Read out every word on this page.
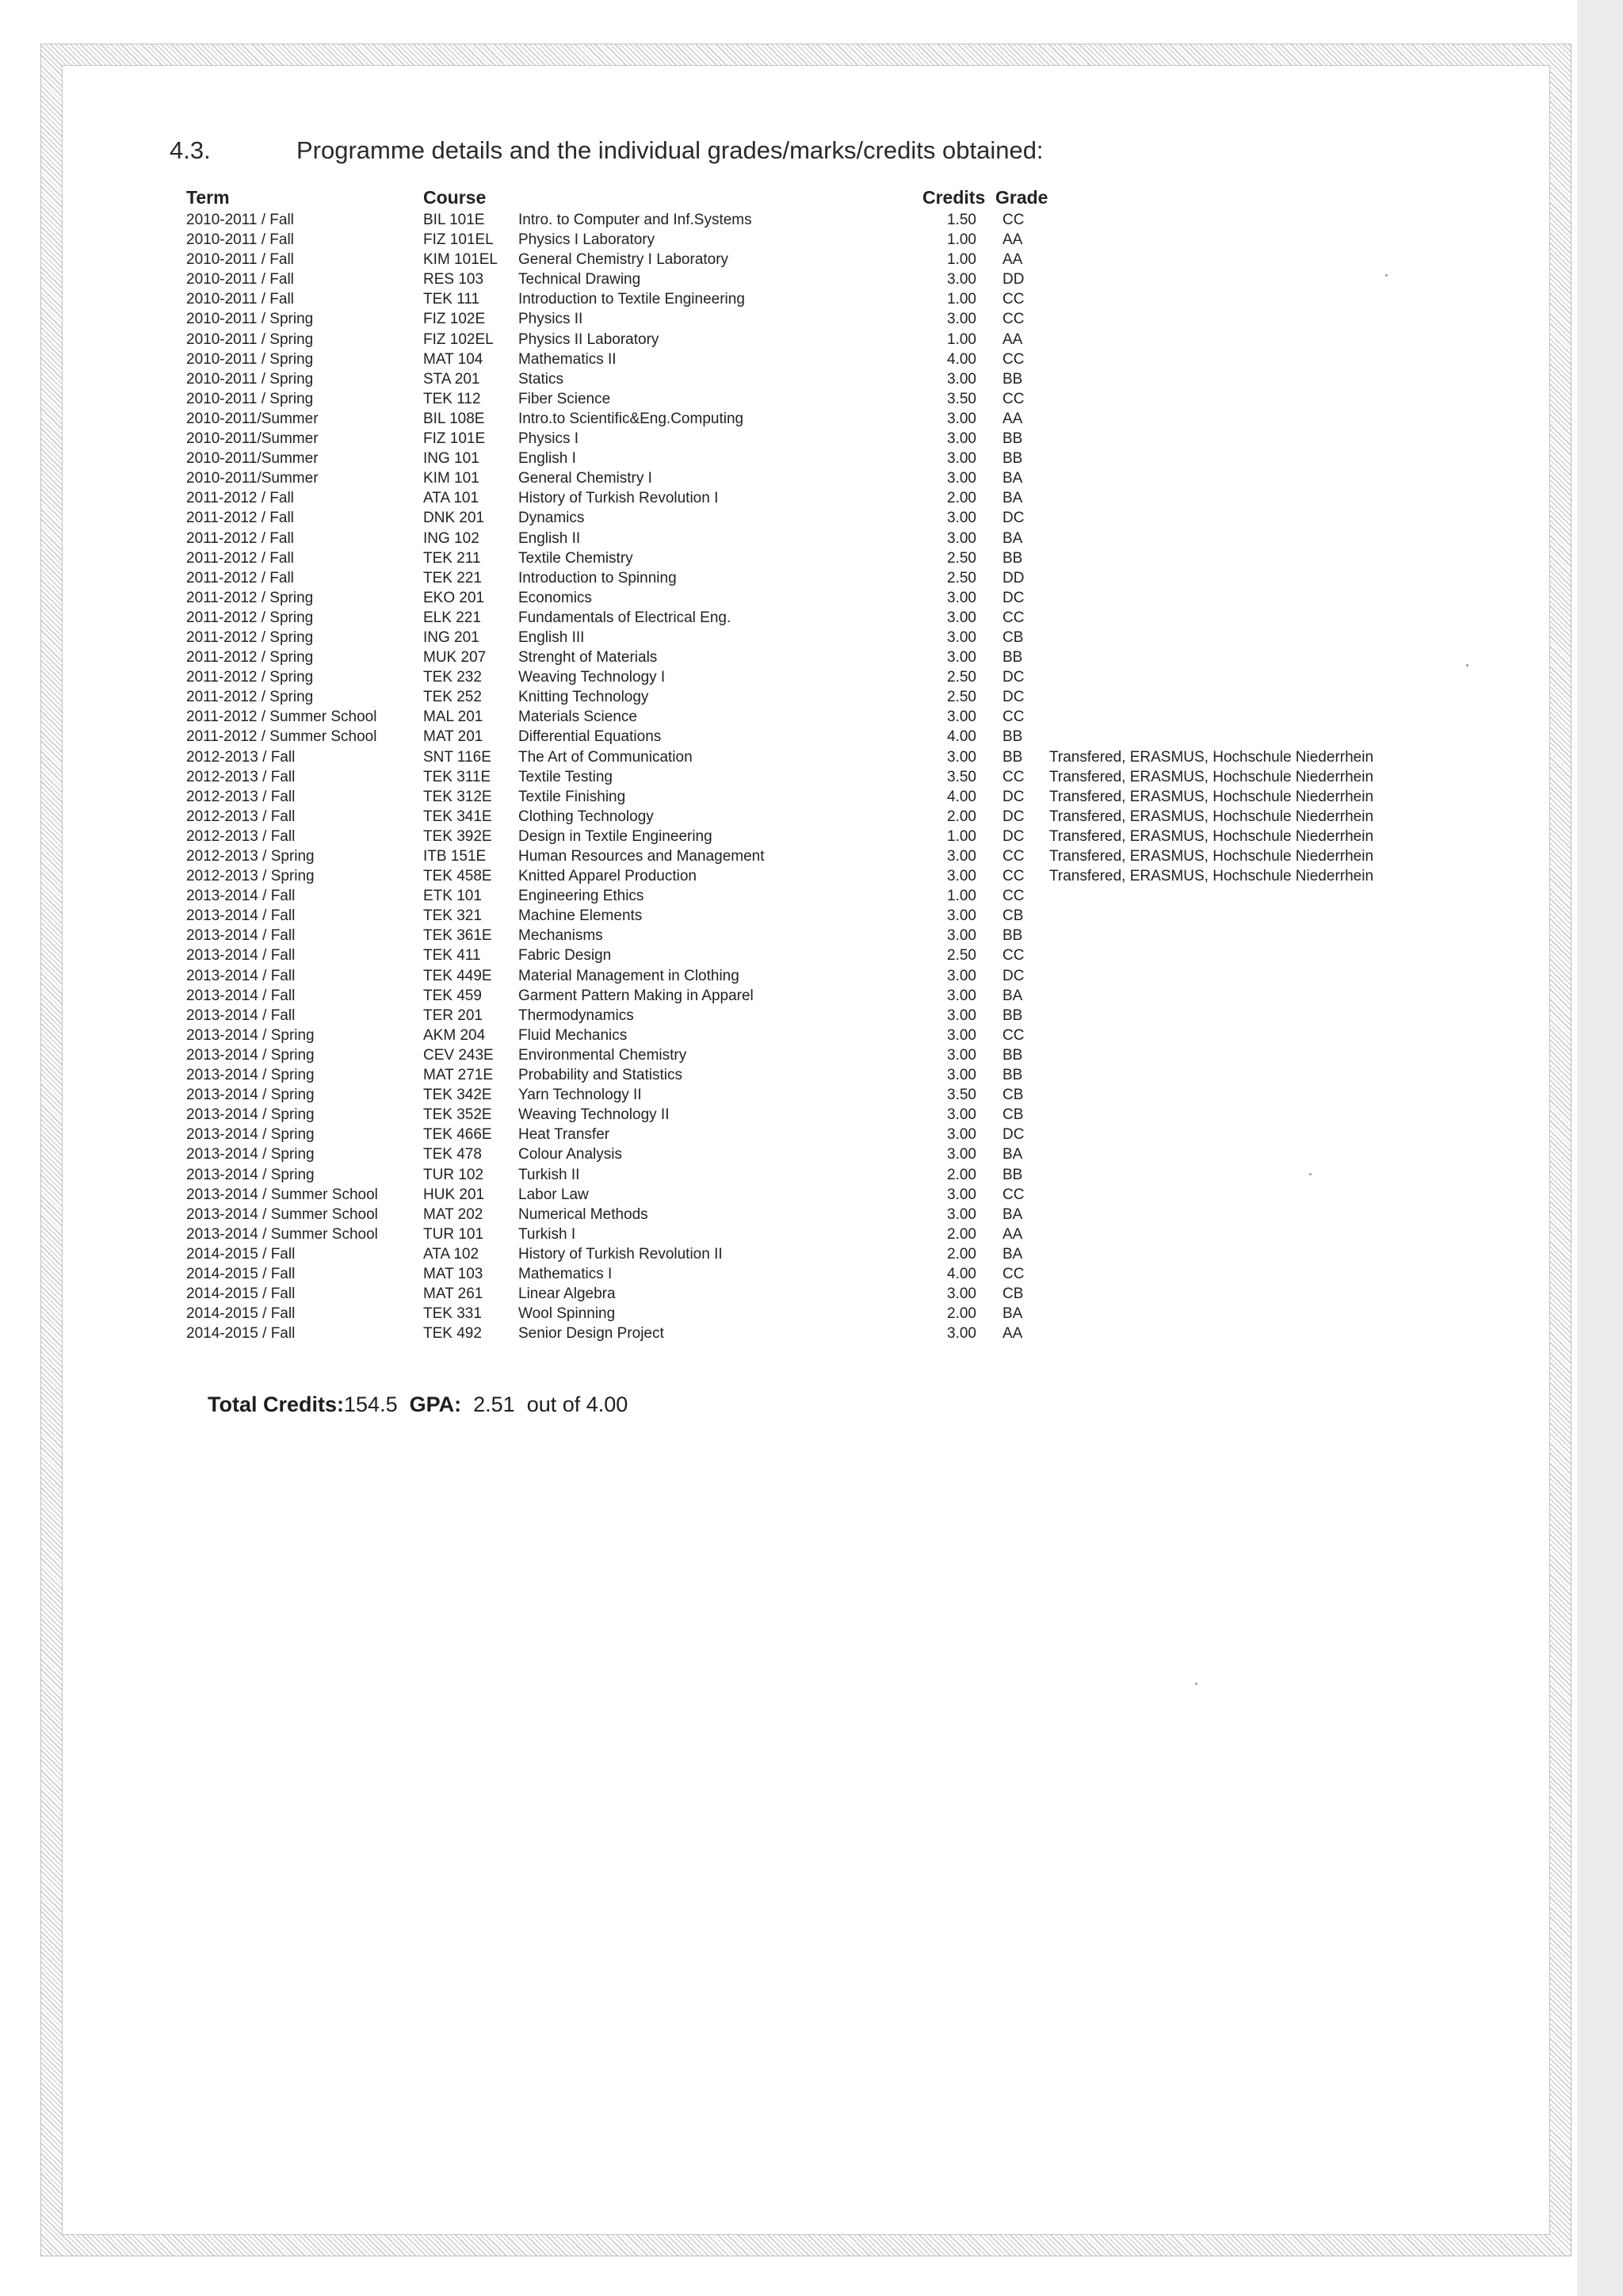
4.3.	Programme details and the individual grades/marks/credits obtained:
Term	Course	Credits Grade
2010-2011 / Fall	BIL 101E Intro. to Computer and Inf.Systems	1.50 CC
2010-2011 / Fall	FIZ 101EL Physics I Laboratory	1.00 AA
2010-2011 / Fall	KIM 101EL General Chemistry I Laboratory	1.00 AA
2010-2011 / Fall	RES 103 Technical Drawing	3.00 DD
2010-2011 / Fall	TEK 111	Introduction to Textile Engineering	1.00 CC
2010-2011 / Spring	FIZ 102E Physics II	3.00 CC
2010-2011 / Spring	FIZ 102EL Physics II Laboratory	1.00 AA
2010-2011 / Spring	MAT 104 Mathematics II	4.00 CC
2010-2011 / Spring	STA 201	Statics	3.00 BB
2010-2011 / Spring	TEK 112 Fiber Science	3.50 CC
2010-2011/Summer	BIL 108E Intro.to Scientific&Eng.Computing	3.00 AA
2010-2011/Summer	FIZ 101E Physics I	3.00 BB
2010-2011/Summer	ING 101	English I	3.00 BB
2010-2011/Summer	KIM 101	General Chemistry I	3.00 BA
2011-2012 / Fall	ATA 101	History of Turkish Revolution I	2.00 BA
2011-2012 / Fall	DNK 201 Dynamics	3.00 DC
2011-2012 / Fall	ING 102	English II	3.00 BA
2011-2012 / Fall	TEK 211 Textile Chemistry	2.50 BB
2011-2012 / Fall	TEK 221 Introduction to Spinning	2.50 DD
2011-2012 / Spring	EKO 201 Economics	3.00 DC
2011-2012 / Spring	ELK 221 Fundamentals of Electrical Eng.	3.00 CC
2011-2012 / Spring	ING 201	English III	3.00 CB
2011-2012 / Spring	MUK 207 Strenght of Materials	3.00 BB
2011-2012 / Spring	TEK 232 Weaving Technology I	2.50 DC
2011-2012 / Spring	TEK 252 Knitting Technology	2.50 DC
2011-2012 / Summer School	MAL 201 Materials Science	3.00 CC
2011-2012 / Summer School	MAT 201 Differential Equations	4.00 BB
2012-2013 / Fall	SNT 116E The Art of Communication	3.00 BB Transfered, ERASMUS, Hochschule Niederrhein
2012-2013 / Fall	TEK 311E Textile Testing	3.50 CC Transfered, ERASMUS, Hochschule Niederrhein
2012-2013 / Fall	TEK 312E Textile Finishing	4.00 DC Transfered, ERASMUS, Hochschule Niederrhein
2012-2013 / Fall	TEK 341E Clothing Technology	2.00 DC Transfered, ERASMUS, Hochschule Niederrhein
2012-2013 / Fall	TEK 392E Design in Textile Engineering	1.00 DC Transfered, ERASMUS, Hochschule Niederrhein
2012-2013 / Spring	ITB 151E Human Resources and Management	3.00 CC Transfered, ERASMUS, Hochschule Niederrhein
2012-2013 / Spring	TEK 458E Knitted Apparel Production	3.00 CC Transfered, ERASMUS, Hochschule Niederrhein
2013-2014 / Fall	ETK 101 Engineering Ethics	1.00 CC
2013-2014 / Fall	TEK 321 Machine Elements	3.00 CB
2013-2014 / Fall	TEK 361E Mechanisms	3.00 BB
2013-2014 / Fall	TEK 411 Fabric Design	2.50 CC
2013-2014 / Fall	TEK 449E Material Management in Clothing	3.00 DC
2013-2014 / Fall	TEK 459 Garment Pattern Making in Apparel	3.00 BA
2013-2014 / Fall	TER 201 Thermodynamics	3.00 BB
2013-2014 / Spring	AKM 204 Fluid Mechanics	3.00 CC
2013-2014 / Spring	CEV 243E Environmental Chemistry	3.00 BB
2013-2014 / Spring	MAT 271E Probability and Statistics	3.00 BB
2013-2014 / Spring	TEK 342E Yarn Technology II	3.50 CB
2013-2014 / Spring	TEK 352E Weaving Technology II	3.00 CB
2013-2014 / Spring	TEK 466E Heat Transfer	3.00 DC
2013-2014 / Spring	TEK 478 Colour Analysis	3.00 BA
2013-2014 / Spring	TUR 102 Turkish II	2.00 BB
2013-2014 / Summer School	HUK 201 Labor Law	3.00 CC
2013-2014 / Summer School	MAT 202 Numerical Methods	3.00 BA
2013-2014 / Summer School	TUR 101 Turkish I	2.00 AA
2014-2015 / Fall	ATA 102	History of Turkish Revolution II	2.00 BA
2014-2015 / Fall	MAT 103 Mathematics I	4.00 CC
2014-2015 / Fall	MAT 261 Linear Algebra	3.00 CB
2014-2015 / Fall	TEK 331 Wool Spinning	2.00 BA
2014-2015 / Fall	TEK 492 Senior Design Project	3.00 AA
Total Credits:154.5 GPA: 2.51 out of 4.00
